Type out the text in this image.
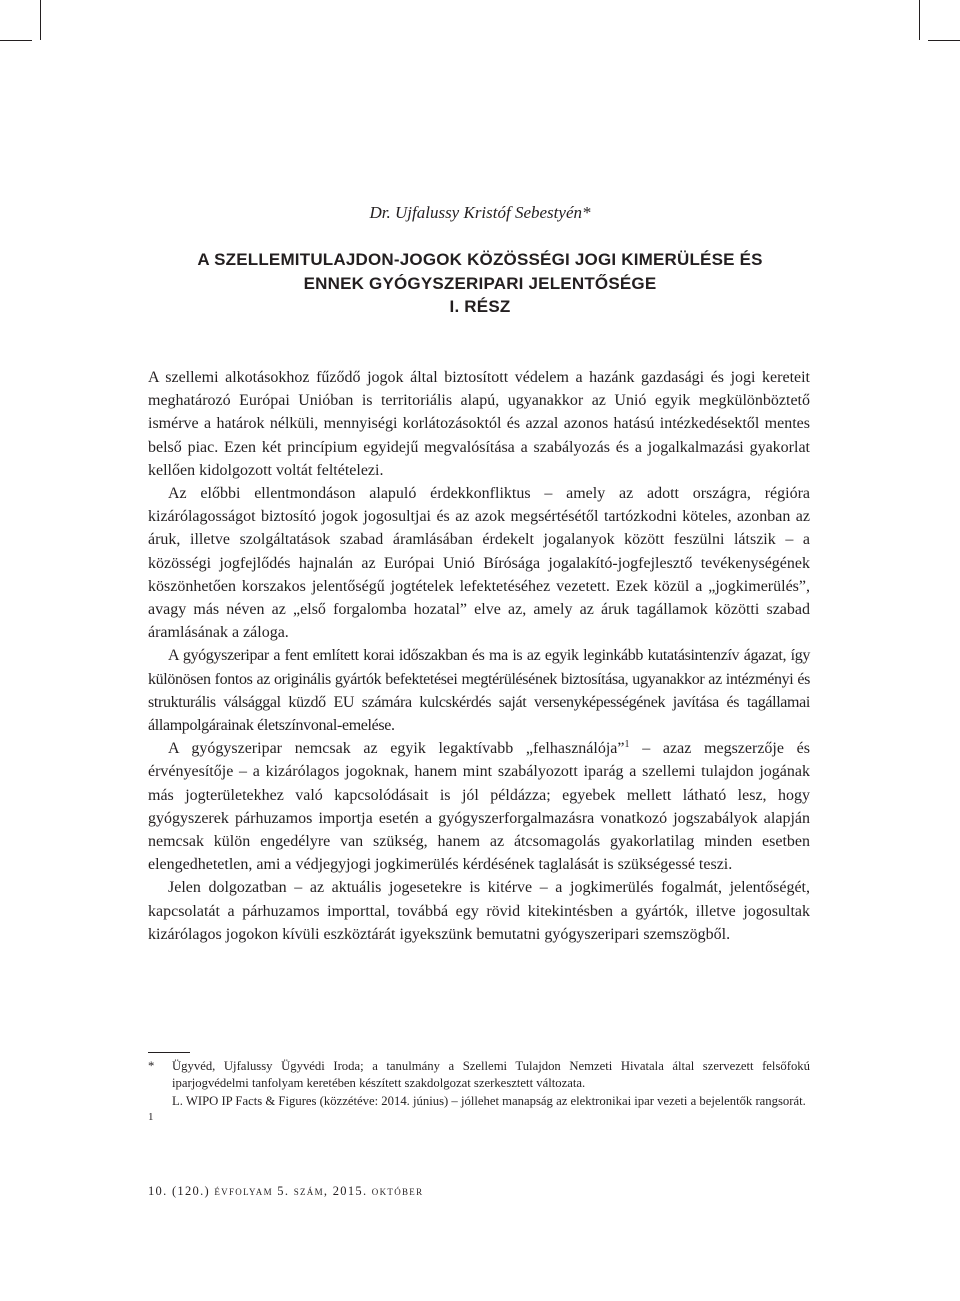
Dr. Ujfalussy Kristóf Sebestyén*
A SZELLEMITULAJDON-JOGOK KÖZÖSSÉGI JOGI KIMERÜLÉSE ÉS
ENNEK GYÓGYSZERIPARI JELENTŐSÉGE
I. RÉSZ

A szellemi alkotásokhoz fűződő jogok által biztosított védelem a hazánk gazdasági és jogi kereteit meghatározó Európai Unióban is territoriális alapú, ugyanakkor az Unió egyik megkülönböztető ismérve a határok nélküli, mennyiségi korlátozásoktól és azzal azonos hatású intézkedésektől mentes belső piac. Ezen két princípium egyidejű megvalósítása a szabályozás és a jogalkalmazási gyakorlat kellően kidolgozott voltát feltételezi.

Az előbbi ellentmondáson alapuló érdekkonfliktus – amely az adott országra, régióra kizárólagosságot biztosító jogok jogosultjai és az azok megsértésétől tartózkodni köteles, azonban az áruk, illetve szolgáltatások szabad áramlásában érdekelt jogalanyok között feszülni látszik – a közösségi jogfejlődés hajnalán az Európai Unió Bírósága jogalakító-jogfejlesztő tevékenységének köszönhetően korszakos jelentőségű jogtételek lefektetéséhez vezetett. Ezek közül a „jogkimerülés”, avagy más néven az „első forgalomba hozatal” elve az, amely az áruk tagállamok közötti szabad áramlásának a záloga.

A gyógyszeripar a fent említett korai időszakban és ma is az egyik leginkább kutatásintenzív ágazat, így különösen fontos az originális gyártók befektetései megtérülésének biztosítása, ugyanakkor az intézményi és strukturális válsággal küzdő EU számára kulcskérdés saját versenyképességének javítása és tagállamai állampolgárainak életszínvonal-emelése.

A gyógyszeripar nemcsak az egyik legaktívabb „felhasználója”$^1$ – azaz megszerzője és érvényesítője – a kizárólagos jogoknak, hanem mint szabályozott iparág a szellemi tulajdon jogának más jogterületekhez való kapcsolódásait is jól példázza; egyebek mellett látható lesz, hogy gyógyszerek párhuzamos importja esetén a gyógyszerforgalmazásra vonatkozó jogszabályok alapján nemcsak külön engedélyre van szükség, hanem az átcsomagolás gyakorlatilag minden esetben elengedhetetlen, ami a védjegyjogi jogkimerülés kérdésének taglalását is szükségessé teszi.

Jelen dolgozatban – az aktuális jogesetekre is kitérve – a jogkimerülés fogalmát, jelentőségét, kapcsolatát a párhuzamos importtal, továbbá egy rövid kitekintésben a gyártók, illetve jogosultak kizárólagos jogokon kívüli eszköztárát igyekszünk bemutatni gyógyszeripari szemszögből.

* Ügyvéd, Ujfalussy Ügyvédi Iroda; a tanulmány a Szellemi Tulajdon Nemzeti Hivatala által szervezett felsőfokú iparjogvédelmi tanfolyam keretében készített szakdolgozat szerkesztett változata.
1
L. WIPO IP Facts & Figures (közzétéve: 2014. június) – jóllehet manapság az elektronikai ipar vezeti a bejelentők rangsorát.
10. (120.) évfolyam 5. szám, 2015. október
